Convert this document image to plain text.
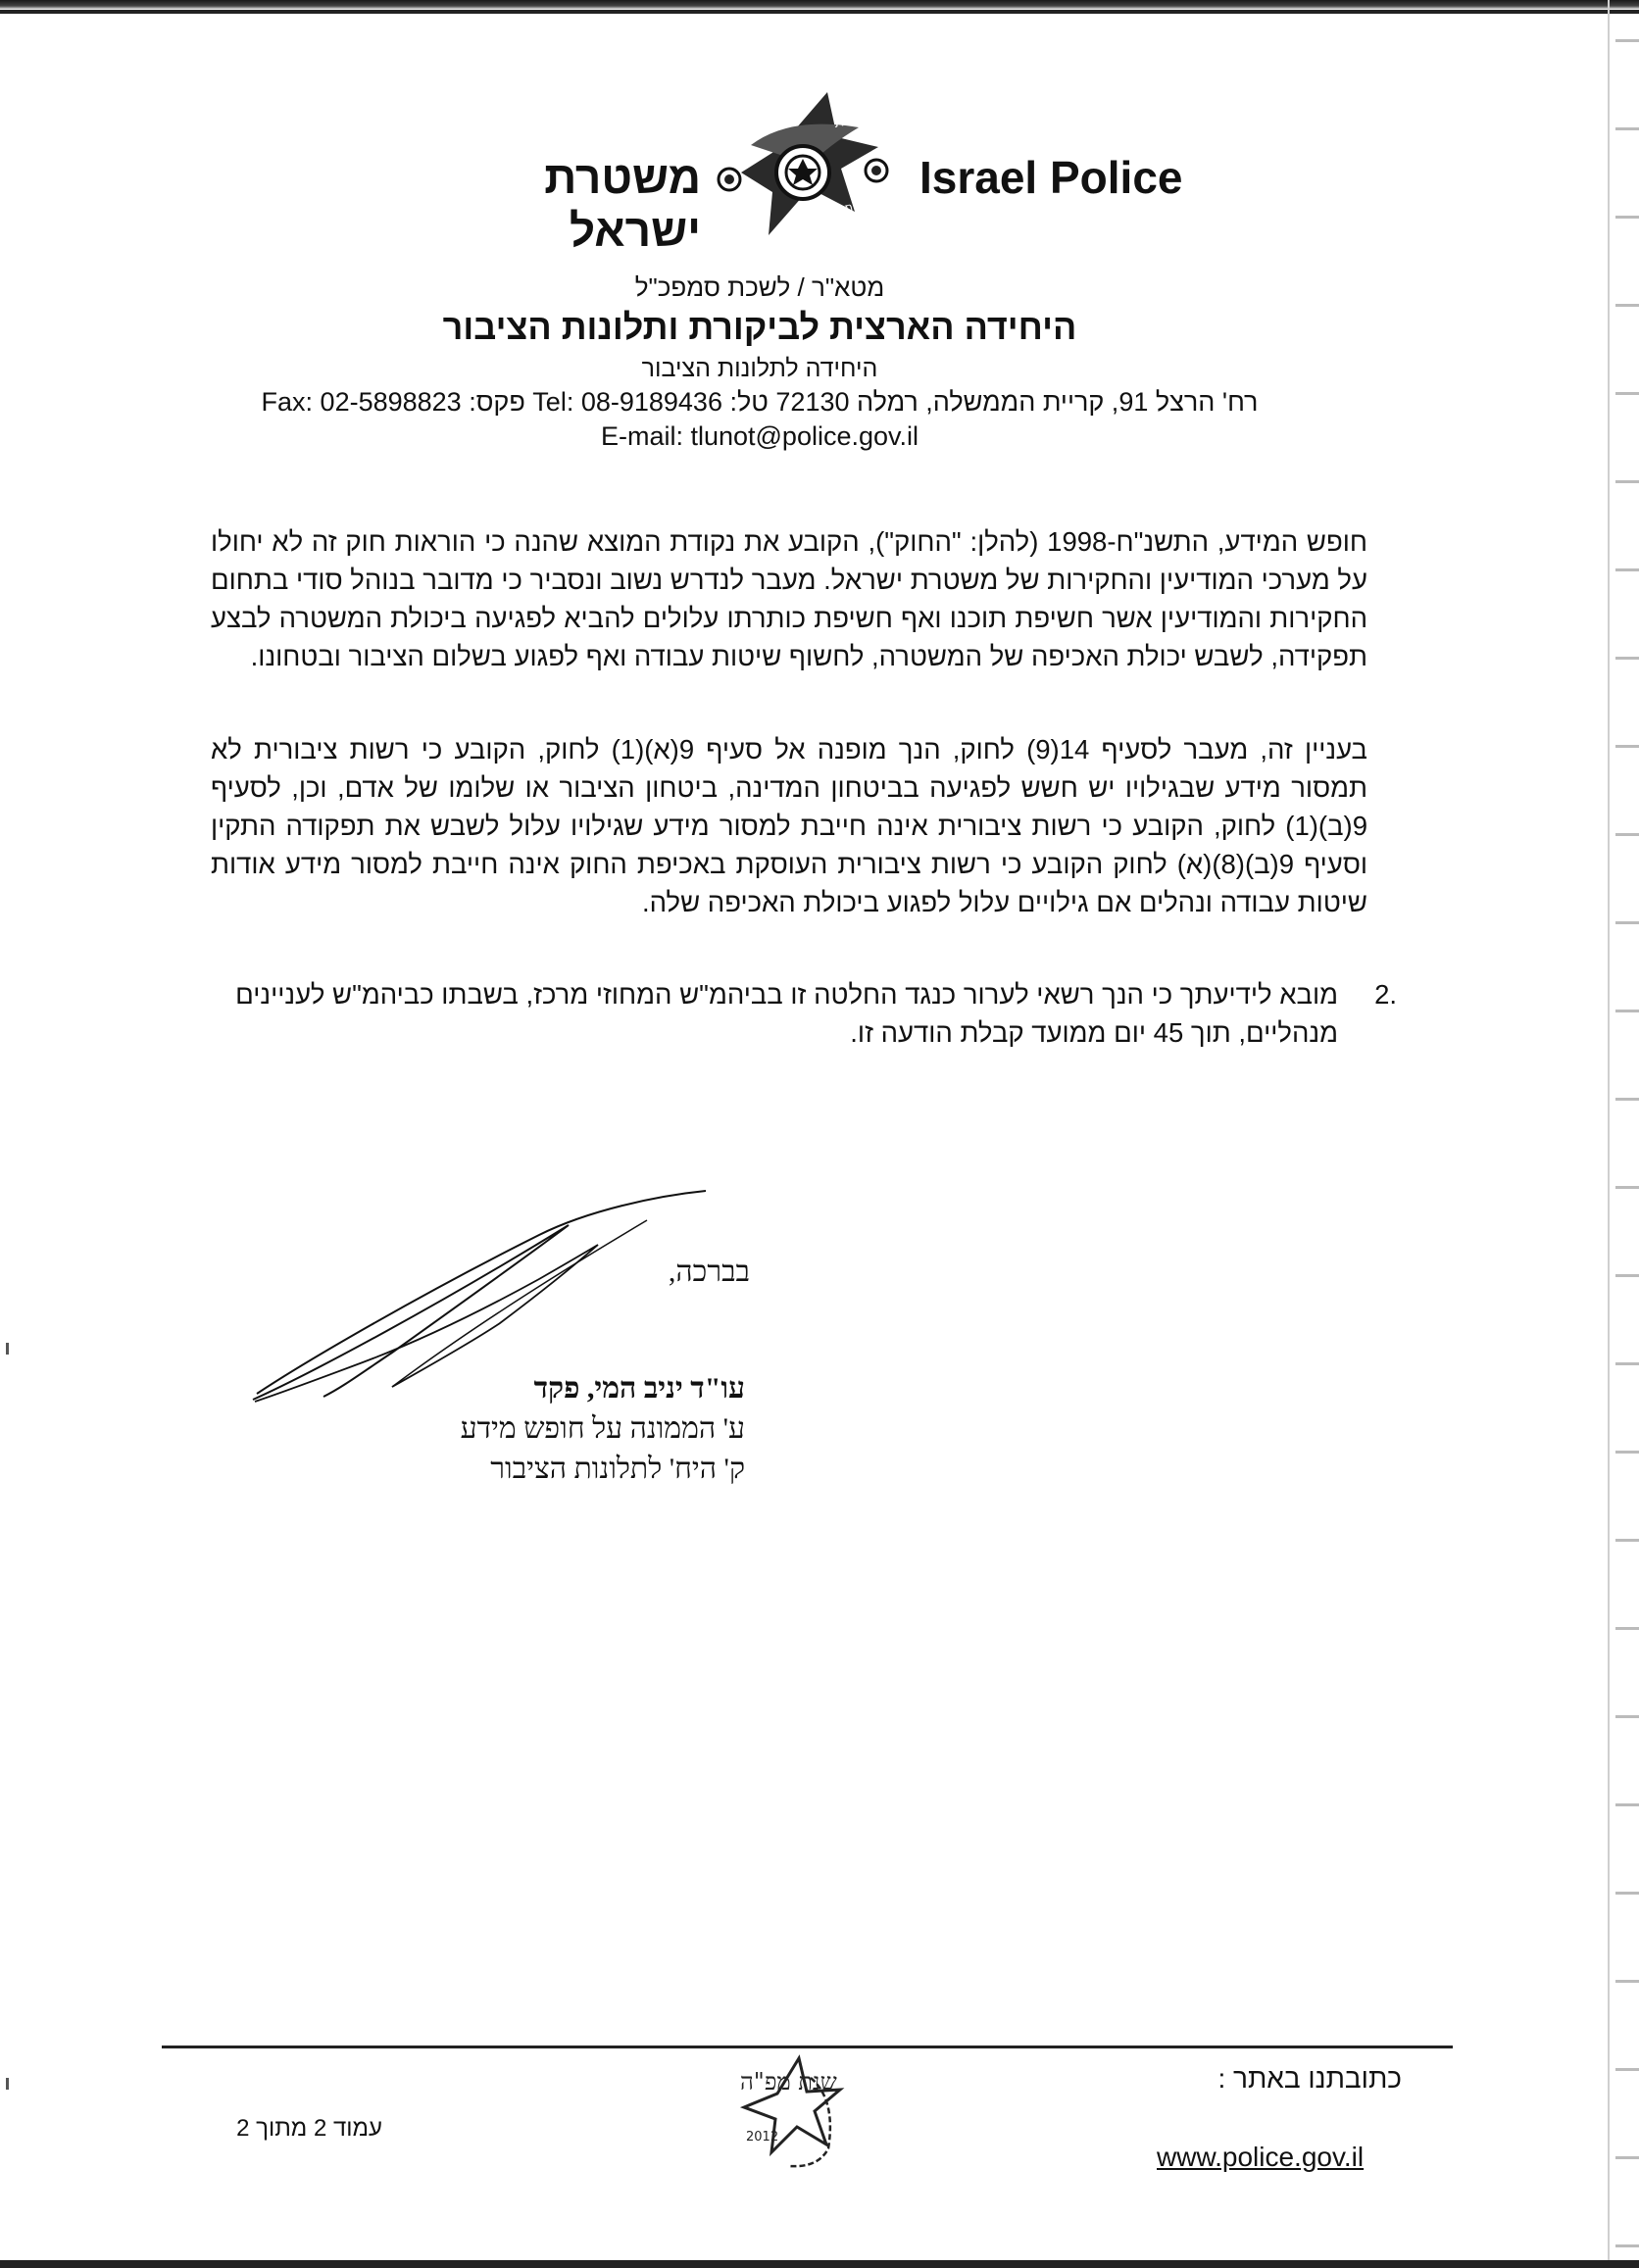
משטרת ישראל
ביקורת
ותלונות ציבור
Israel Police
מטא"ר / לשכת סמפכ"ל
היחידה הארצית לביקורת ותלונות הציבור
היחידה לתלונות הציבור
רח' הרצל 91, קריית הממשלה, רמלה 72130 טל: 08-9189436 :Tel פקס: 02-5898823 :Fax
E-mail: tlunot@police.gov.il
חופש המידע, התשנ"ח-1998 (להלן: "החוק"), הקובע את נקודת המוצא שהנה כי הוראות חוק זה לא יחולו על מערכי המודיעין והחקירות של משטרת ישראל. מעבר לנדרש נשוב ונסביר כי מדובר בנוהל סודי בתחום החקירות והמודיעין אשר חשיפת תוכנו ואף חשיפת כותרתו עלולים להביא לפגיעה ביכולת המשטרה לבצע תפקידה, לשבש יכולת האכיפה של המשטרה, לחשוף שיטות עבודה ואף לפגוע בשלום הציבור ובטחונו.
בעניין זה, מעבר לסעיף 14(9) לחוק, הנך מופנה אל סעיף 9(א)(1) לחוק, הקובע כי רשות ציבורית לא תמסור מידע שבגילויו יש חשש לפגיעה בביטחון המדינה, ביטחון הציבור או שלומו של אדם, וכן, לסעיף 9(ב)(1) לחוק, הקובע כי רשות ציבורית אינה חייבת למסור מידע שגילויו עלול לשבש את תפקודה התקין וסעיף 9(ב)(8)(א) לחוק הקובע כי רשות ציבורית העוסקת באכיפת החוק אינה חייבת למסור מידע אודות שיטות עבודה ונהלים אם גילויים עלול לפגוע ביכולת האכיפה שלה.
.2
מובא לידיעתך כי הנך רשאי לערור כנגד החלטה זו בביהמ"ש המחוזי מרכז, בשבתו כביהמ"ש לעניינים מנהליים, תוך 45 יום ממועד קבלת הודעה זו.
בברכה,
עו"ד יניב המי, פקד
ע' הממונה על חופש מידע
ק' היח' לתלונות הציבור
כתובתנו באתר :
www.police.gov.il
עמוד 2 מתוך 2
שנת מפ"ה
2012
